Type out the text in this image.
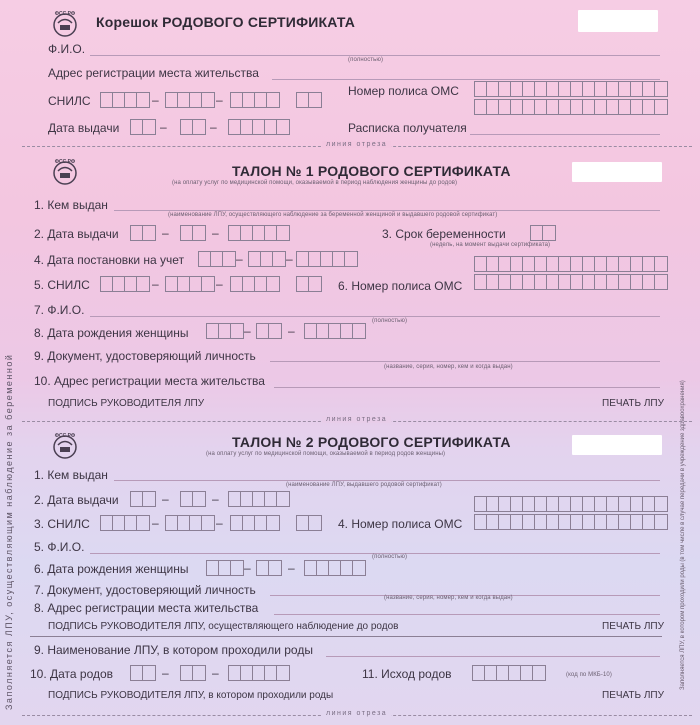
Заполняется ЛПУ, осуществляющим наблюдение за беременной
ФСС РФ Корешок РОДОВОГО СЕРТИФИКАТА
Ф.И.О.
(полностью)
Адрес регистрации места жительства
СНИЛС	–	–
Номер полиса ОМС
Дата выдачи	–	–	Расписка получателя
линия отреза
ФСС РФ
ТАЛОН № 1 РОДОВОГО СЕРТИФИКАТА
(на оплату услуг по медицинской помощи, оказываемой в период наблюдения женщины до родов)
1. Кем выдан
(наименование ЛПУ, осуществляющего наблюдение за беременной женщиной и выдавшего родовой сертификат)
2. Дата выдачи	–	–	3. Срок беременности
(недель, на момент выдачи сертификата)
4. Дата постановки на учет	–	–
5. СНИЛС	–	–	6. Номер полиса ОМС
7. Ф.И.О.
(полностью)
8. Дата рождения женщины	–	–
9. Документ, удостоверяющий личность
(название, серия, номер, кем и когда выдан)
10. Адрес регистрации места жительства
ПОДПИСЬ РУКОВОДИТЕЛЯ ЛПУ	ПЕЧАТЬ ЛПУ
линия отреза
ФСС РФ	ТАЛОН № 2 РОДОВОГО СЕРТИФИКАТА
(на оплату услуг по медицинской помощи, оказываемой в период родов женщины)
1. Кем выдан
(наименование ЛПУ, выдавшего родовой сертификат)
2. Дата выдачи	–	–
3. СНИЛС	–	–	4. Номер полиса ОМС
5. Ф.И.О.
(полностью)
6. Дата рождения женщины	–	–
7. Документ, удостоверяющий личность
(название, серия, номер, кем и когда выдан)
8. Адрес регистрации места жительства
ПОДПИСЬ РУКОВОДИТЕЛЯ ЛПУ, осуществляющего наблюдение до родов	ПЕЧАТЬ ЛПУ
9. Наименование ЛПУ, в котором проходили роды
10. Дата родов	–	–	11. Исход родов	(код по МКБ-10)
ПОДПИСЬ РУКОВОДИТЕЛЯ ЛПУ, в котором проходили роды	ПЕЧАТЬ ЛПУ
линия отреза
Заполняется ЛПУ, в котором проходили роды (в том числе в случае передачи в учреждение здравоохранения)
